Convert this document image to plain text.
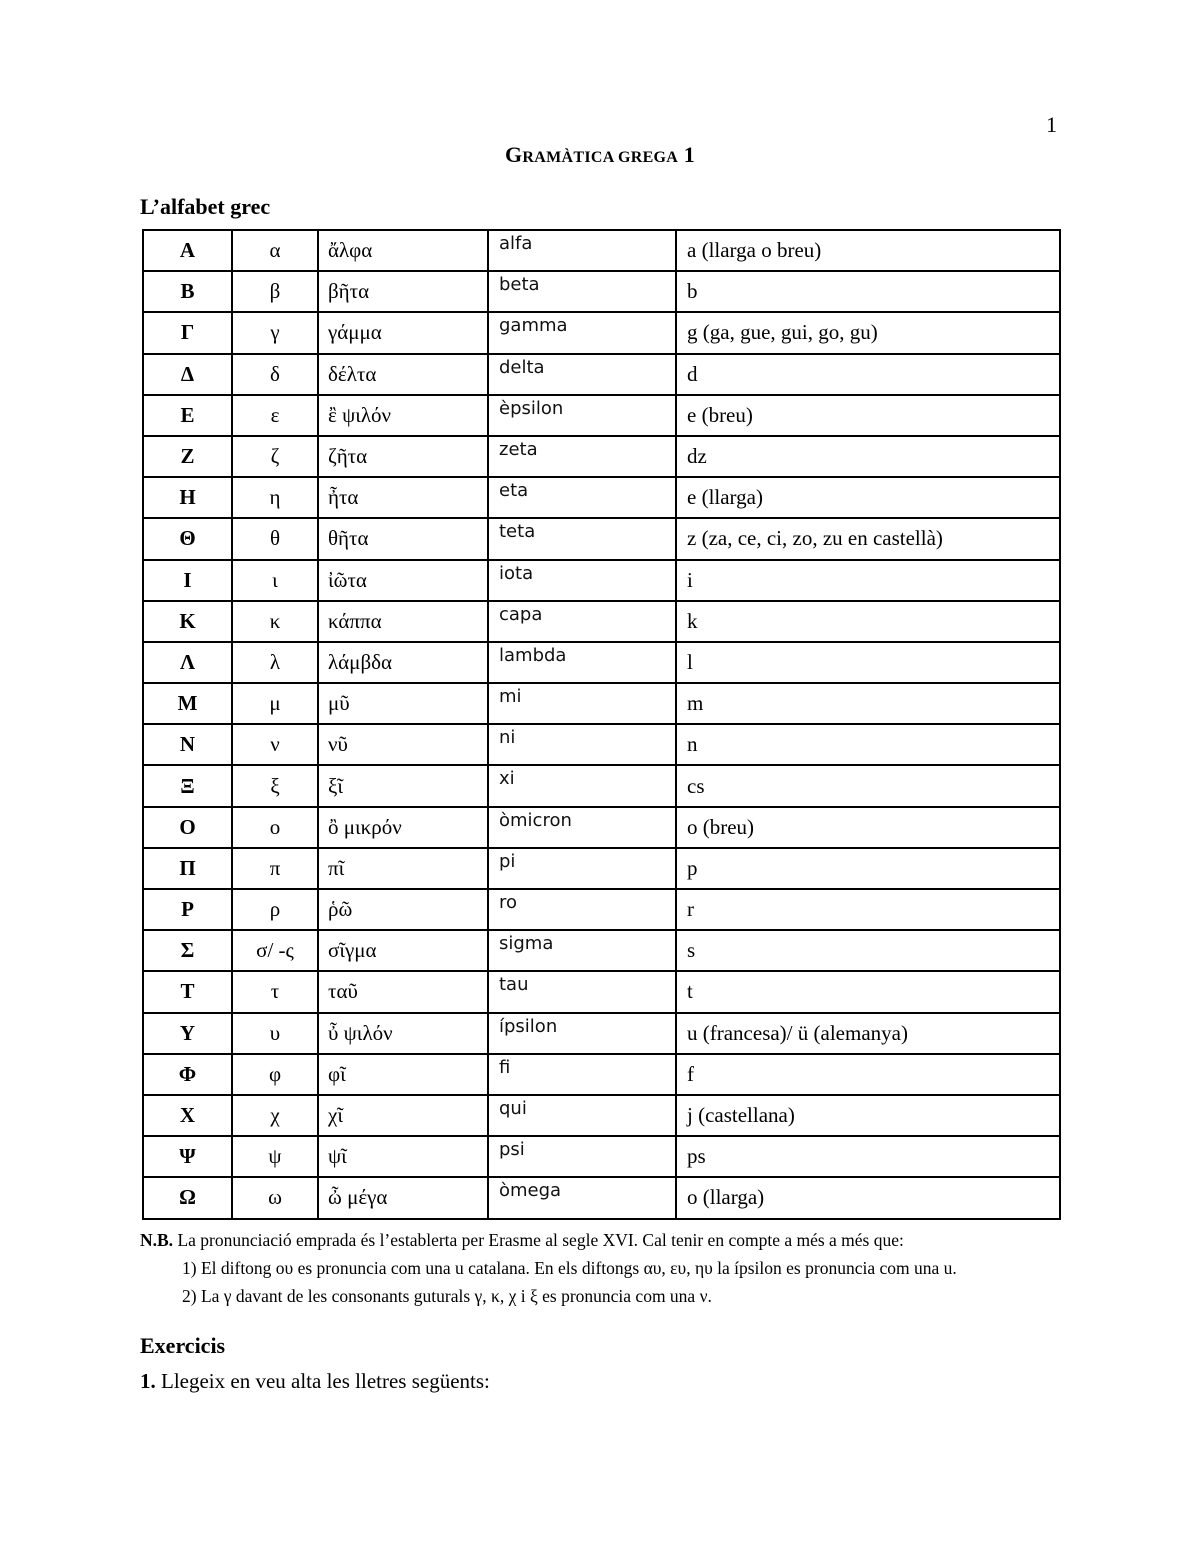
1
GRAMÀTICA GREGA 1
L’alfabet grec
Α	α	ἄλφα	alfa	a (llarga o breu)
Β	β	βῆτα	beta	b
Γ	γ	γάμμα	gamma	g (ga, gue, gui, go, gu)
Δ	δ	δέλτα	delta	d
Ε	ε	ἒ ψιλόν	èpsilon	e (breu)
Ζ	ζ	ζῆτα	zeta	dz
Η	η	ἦτα	eta	e (llarga)
Θ	θ	θῆτα	teta	z (za, ce, ci, zo, zu en castellà)
Ι	ι	ἰῶτα	iota	i
Κ	κ	κάππα	capa	k
Λ	λ	λάμβδα	lambda	l
Μ	μ	μῦ	mi	m
Ν	ν	νῦ	ni	n
Ξ	ξ	ξῖ	xi	cs
Ο	ο	ὂ μικρόν	òmicron	o (breu)
Π	π	πῖ	pi	p
Ρ	ρ	ῥῶ	ro	r
Σ	σ/ -ς	σῖγμα	sigma	s
Τ	τ	ταῦ	tau	t
Υ	υ	ὖ ψιλόν	ípsilon	u (francesa)/ ü (alemanya)
Φ	φ	φῖ	fi	f
Χ	χ	χῖ	qui	j (castellana)
Ψ	ψ	ψῖ	psi	ps
Ω	ω	ὦ μέγα	òmega	o (llarga)
N.B. La pronunciació emprada és l’establerta per Erasme al segle XVI. Cal tenir en compte a més a més que:
1) El diftong ου es pronuncia com una u catalana. En els diftongs αυ, ευ, ηυ la ípsilon es pronuncia com una u.
2) La γ davant de les consonants guturals γ, κ, χ i ξ es pronuncia com una ν.
Exercicis
1. Llegeix en veu alta les lletres següents:
